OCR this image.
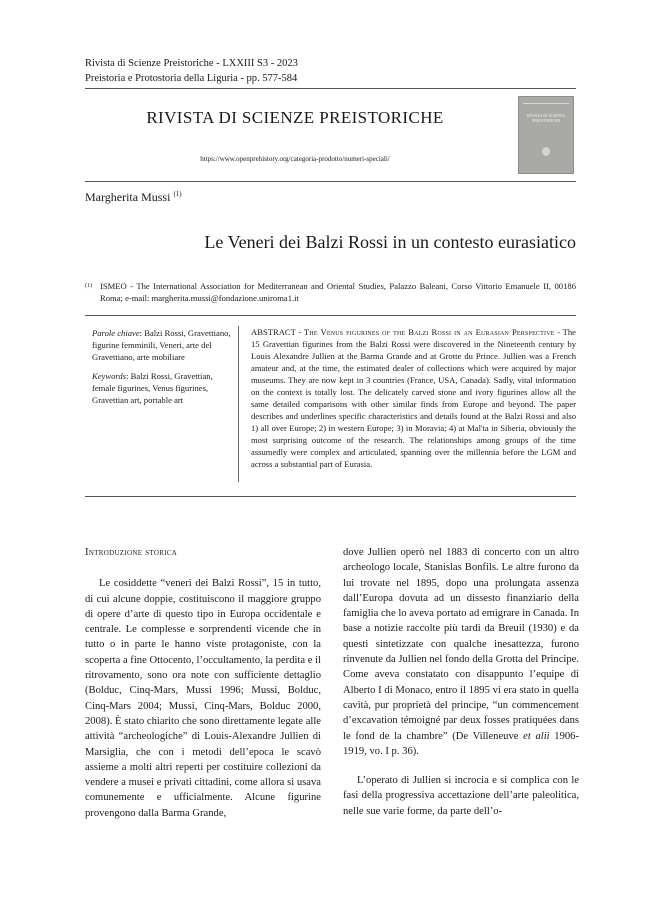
Rivista di Scienze Preistoriche - LXXIII S3 - 2023
Preistoria e Protostoria della Liguria - pp. 577-584
RIVISTA DI SCIENZE PREISTORICHE
https://www.openprehistory.org/categoria-prodotto/numeri-speciali/
RIVISTA DI SCIENZE PREISTORICHE
Margherita Mussi $^{(1)}$
Le Veneri dei Balzi Rossi in un contesto eurasiatico
(1) ISMEO - The International Association for Mediterranean and Oriental Studies, Palazzo Baleani, Corso Vittorio Emanuele II, 00186 Roma; e-mail: margherita.mussi@fondazione.uniroma1.it

Parole chiave: Balzi Rossi, Gravettiano, figurine femminili, Veneri, arte del Gravettiano, arte mobiliare

Keywords: Balzi Rossi, Gravettian, female figurines, Venus figurines, Gravettian art, portable art

ABSTRACT - The Venus figurines of the Balzi Rossi in an Eurasian Perspective - The 15 Gravettian figurines from the Balzi Rossi were discovered in the Nineteenth century by Louis Alexandre Jullien at the Barma Grande and at Grotte du Prince. Jullien was a French amateur and, at the time, the estimated dealer of collections which were acquired by major museums. They are now kept in 3 countries (France, USA, Canada). Sadly, vital information on the context is totally lost. The delicately carved stone and ivory figurines allow all the same detailed comparisons with other similar finds from Europe and beyond. The paper describes and underlines specific characteristics and details found at the Balzi Rossi and also 1) all over Europe; 2) in western Europe; 3) in Moravia; 4) at Mal'ta in Siberia, obviously the most surprising outcome of the research. The relationships among groups of the time assumedly were complex and articulated, spanning over the millennia before the LGM and across a substantial part of Eurasia.

Introduzione storica

Le cosiddette “veneri dei Balzi Rossi”, 15 in tutto, di cui alcune doppie, costituiscono il maggiore gruppo di opere d’arte di questo tipo in Europa occidentale e centrale. Le complesse e sorprendenti vicende che in tutto o in parte le hanno viste protagoniste, con la scoperta a fine Ottocento, l’occultamento, la perdita e il ritrovamento, sono ora note con sufficiente dettaglio (Bolduc, Cinq-Mars, Mussi 1996; Mussi, Bolduc, Cinq-Mars 2004; Mussi, Cinq-Mars, Bolduc 2000, 2008). È stato chiarito che sono direttamente legate alle attività “archeologiche” di Louis-Alexandre Jullien di Marsiglia, che con i metodi dell’epoca le scavò assieme a molti altri reperti per costituire collezioni da vendere a musei e privati cittadini, come allora si usava comunemente e ufficialmente. Alcune figurine provengono dalla Barma Grande,

dove Jullien operò nel 1883 di concerto con un altro archeologo locale, Stanislas Bonfils. Le altre furono da lui trovate nel 1895, dopo una prolungata assenza dall’Europa dovuta ad un dissesto finanziario della famiglia che lo aveva portato ad emigrare in Canada. In base a notizie raccolte più tardi da Breuil (1930) e da questi sintetizzate con qualche inesattezza, furono rinvenute da Jullien nel fondo della Grotta del Principe. Come aveva constatato con disappunto l’equipe di Alberto I di Monaco, entro il 1895 vi era stato in quella cavità, pur proprietà del principe, “un commencement d’excavation témoigné par deux fosses pratiquées dans le fond de la chambre” (De Villeneuve et alii 1906-1919, vo. I p. 36).

L’operato di Jullien si incrocia e si complica con le fasi della progressiva accettazione dell’arte paleolitica, nelle sue varie forme, da parte dell’o-
